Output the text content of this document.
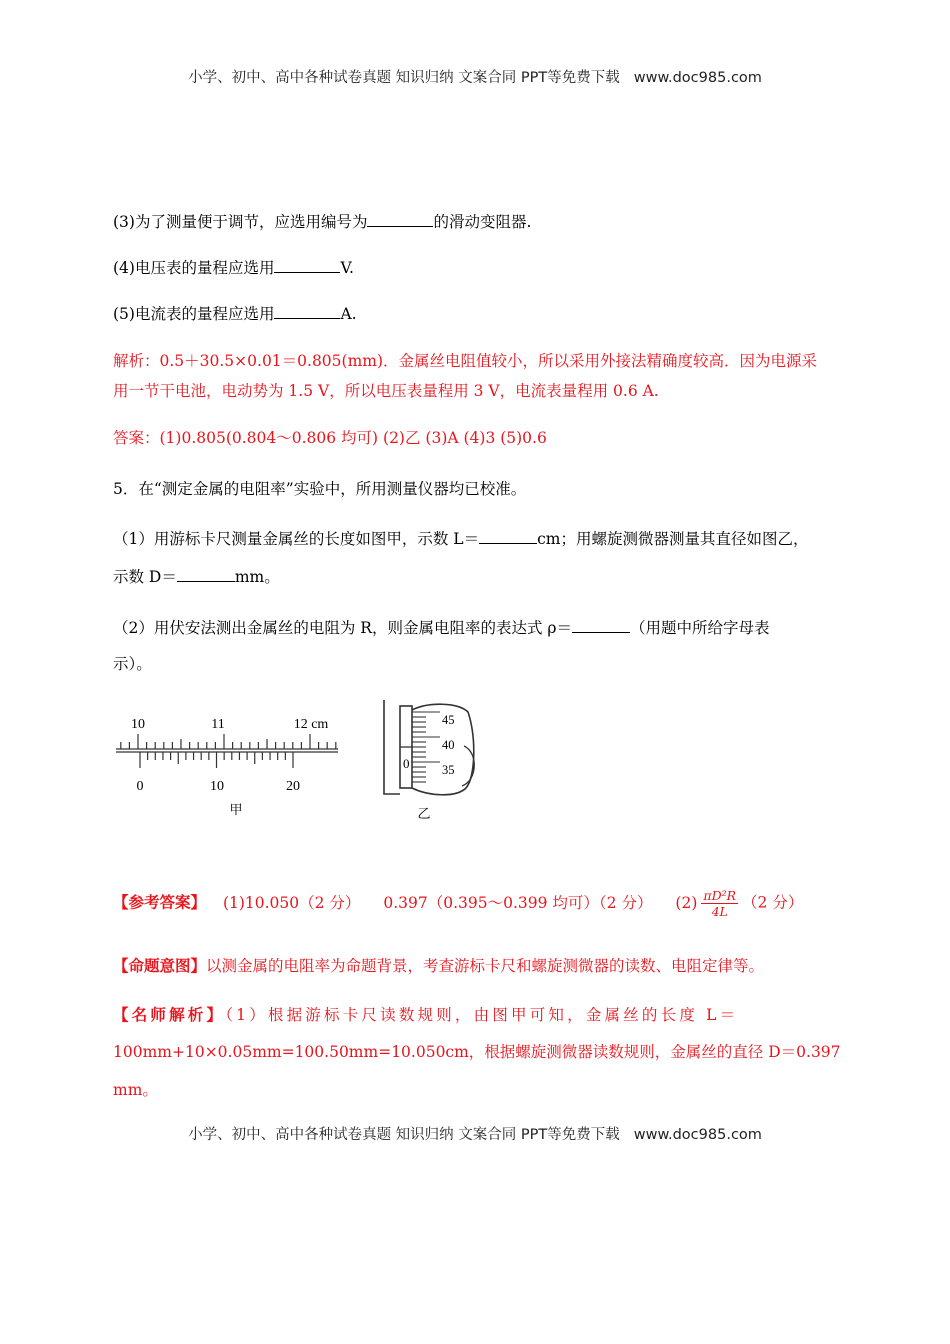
小学、初中、高中各种试卷真题 知识归纳 文案合同 PPT等免费下载 www.doc985.com
(3)为了测量便于调节，应选用编号为	的滑动变阻器.
(4)电压表的量程应选用	V.
(5)电流表的量程应选用	A.
解析：0.5＋30.5×0.01＝0.805(mm)．金属丝电阻值较小，所以采用外接法精确度较高．因为电源采
用一节干电池，电动势为 1.5 V，所以电压表量程用 3 V，电流表量程用 0.6 A.
答案：(1)0.805(0.804～0.806 均可) (2)乙 (3)A (4)3 (5)0.6
5．在“测定金属的电阻率”实验中，所用测量仪器均已校准。
（1）用游标卡尺测量金属丝的长度如图甲，示数 L＝	cm；用螺旋测微器测量其直径如图乙，
示数 D＝	mm。
（2）用伏安法测出金属丝的电阻为 R，则金属电阻率的表达式 ρ＝	（用题中所给字母表
示）。
10	11	12 cm
0	10	20
甲
0
45
40
35
乙
【参考答案】 (1)10.050（2 分） 0.397（0.395～0.399 均可）（2 分） $(2) \frac{\text{πD²R}}{4L} (2$ 分）
【命题意图】以测金属的电阻率为命题背景，考查游标卡尺和螺旋测微器的读数、电阻定律等。
【名师解析】（1）根据游标卡尺读数规则，由图甲可知，金属丝的长度 L＝
100mm+10×0.05mm=100.50mm=10.050cm，根据螺旋测微器读数规则，金属丝的直径 D＝0.397
mm。
小学、初中、高中各种试卷真题 知识归纳 文案合同 PPT等免费下载 www.doc985.com
